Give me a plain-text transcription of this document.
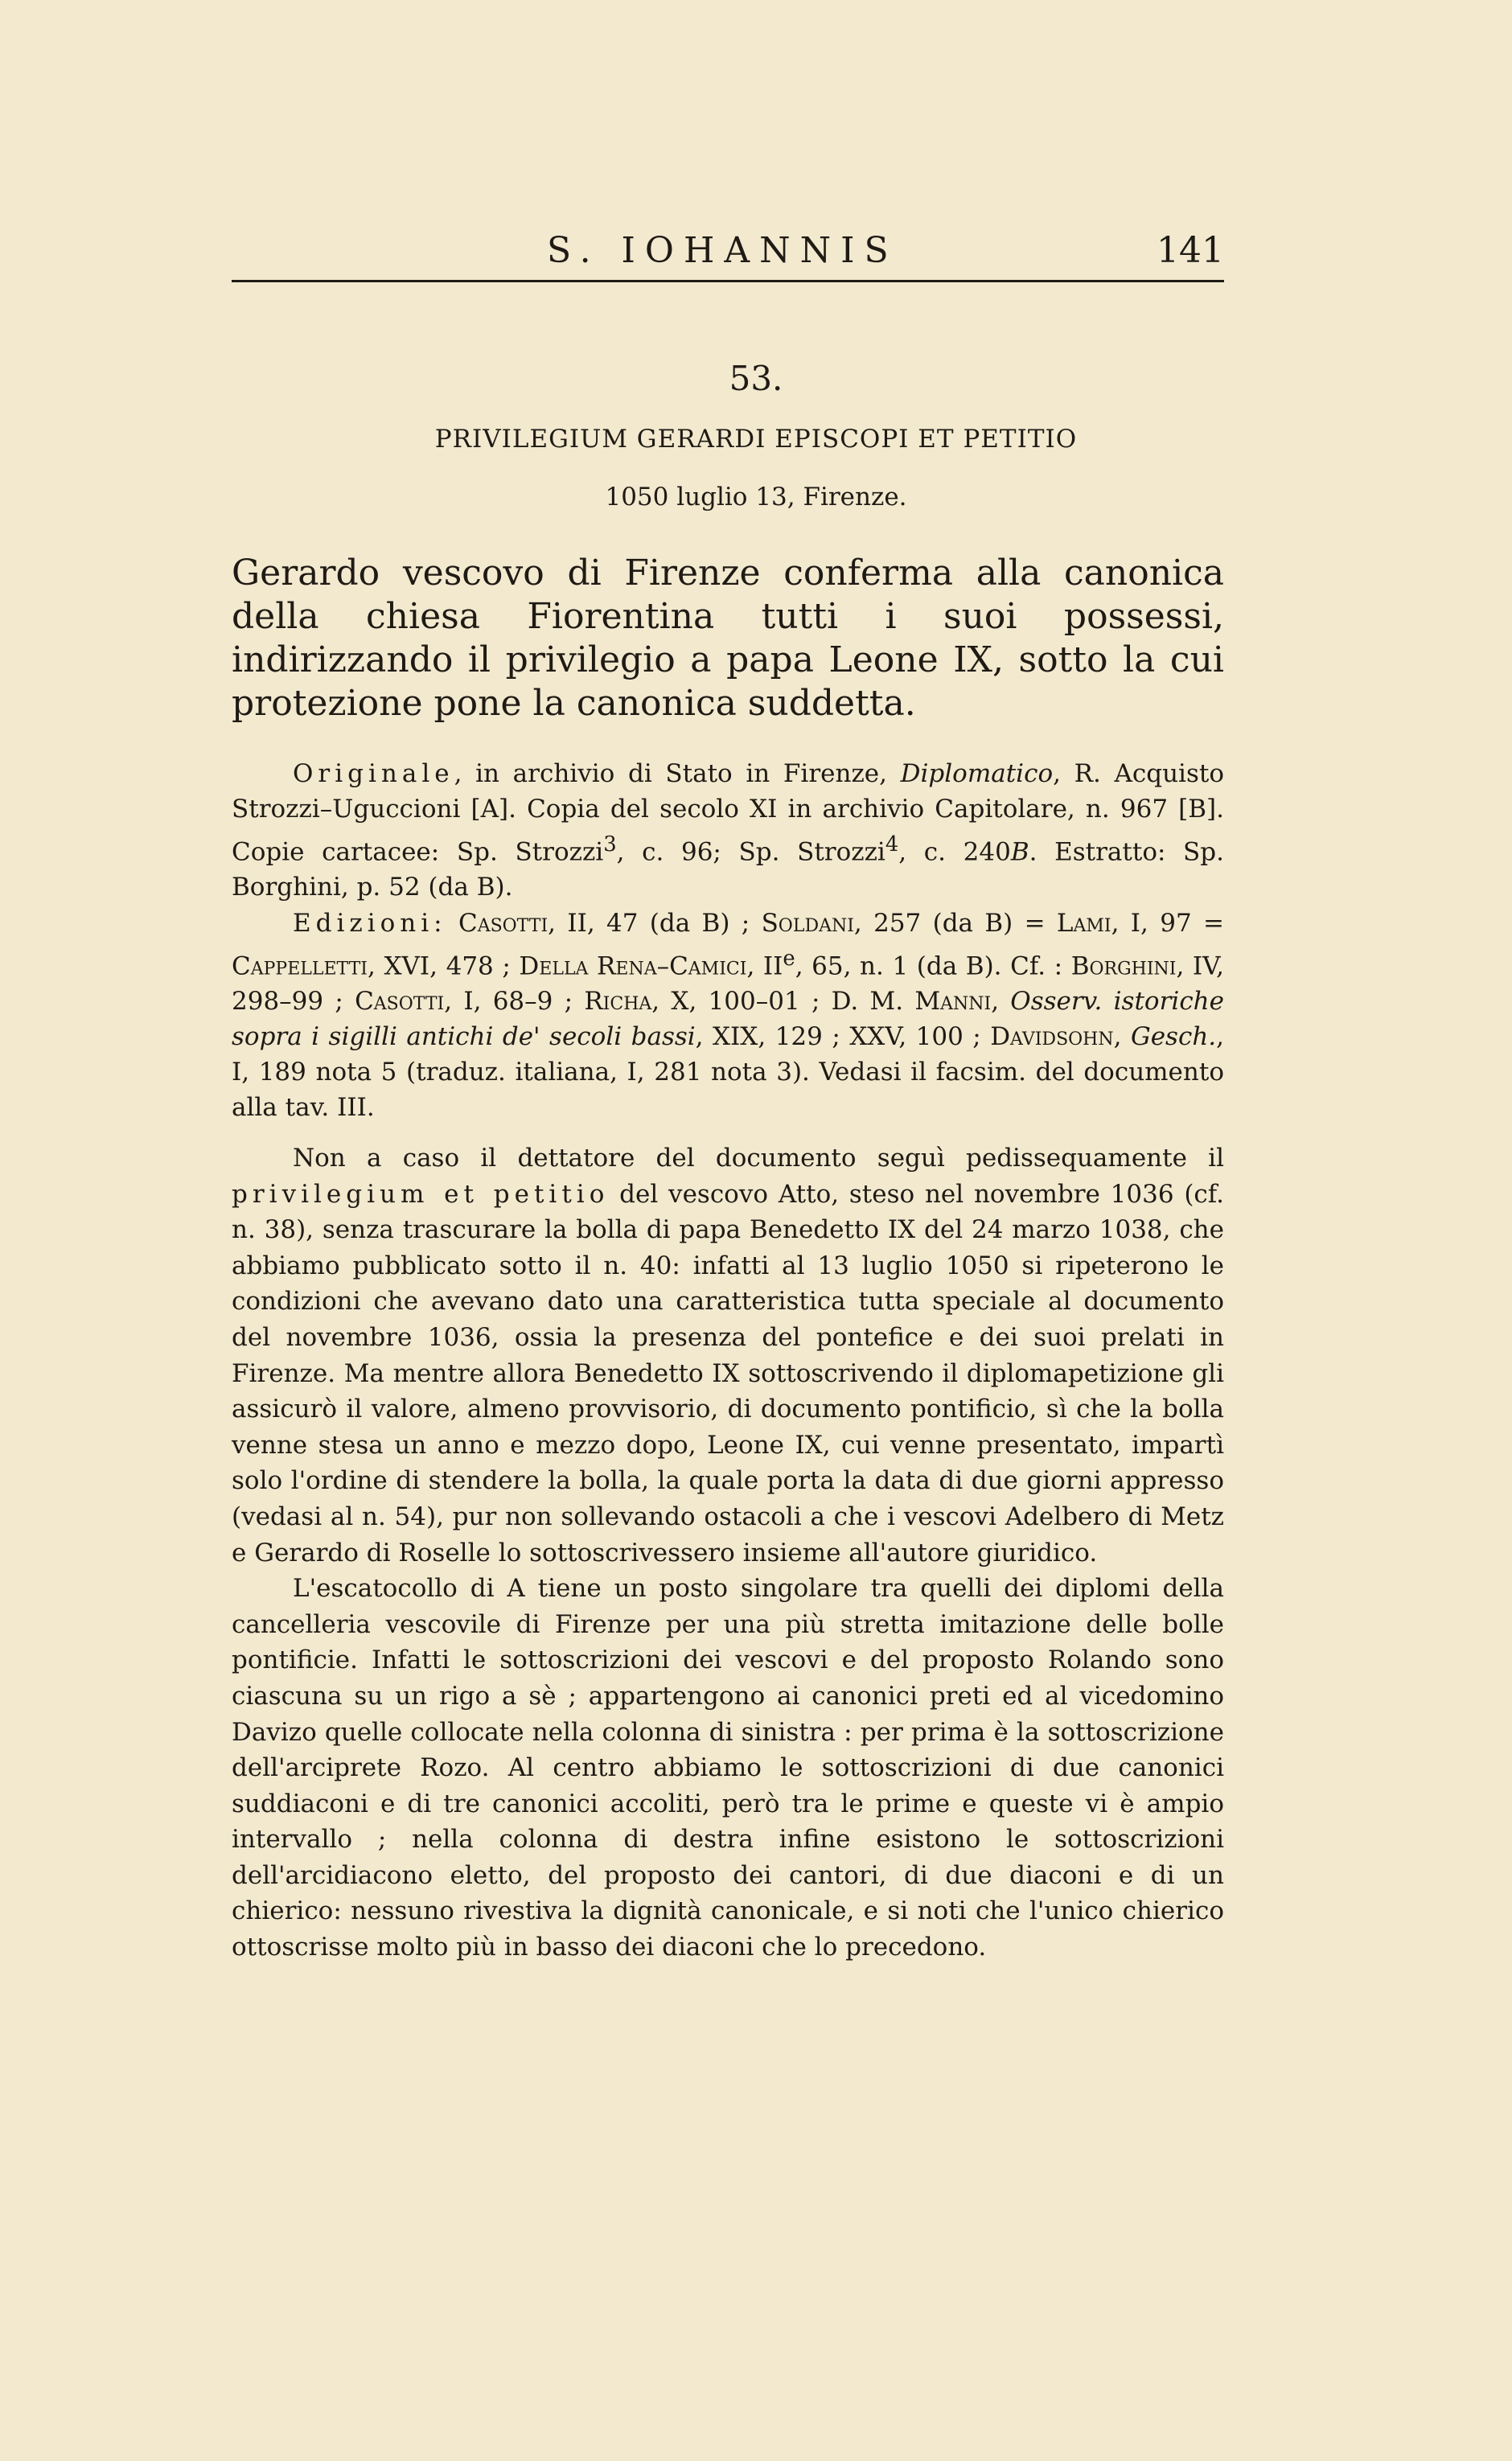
S. IOHANNIS	141
53.
PRIVILEGIUM GERARDI EPISCOPI ET PETITIO
1050 luglio 13, Firenze.

Gerardo vescovo di Firenze conferma alla canonica della chiesa Fiorentina tutti i suoi possessi, indirizzando il privilegio a papa Leone IX, sotto la cui protezione pone la canonica suddetta.

Originale, in archivio di Stato in Firenze, Diplomatico, R. Acquisto Strozzi–Uguccioni [A]. Copia del secolo XI in archivio Capitolare, n. 967 [B]. Copie cartacee: Sp. Strozzi$^3$, c. 96; Sp. Strozzi$^4$, c. 240B. Estratto: Sp. Borghini, p. 52 (da B).

Edizioni: Casotti, II, 47 (da B) ; Soldani, 257 (da B) = Lami, I, 97 = Cappelletti, XVI, 478 ; Della Rena–Camici, IIe, 65, n. 1 (da B). Cf. : Borghini, IV, 298–99 ; Casotti, I, 68–9 ; Richa, X, 100–01 ; D. M. Manni, Osserv. istoriche sopra i sigilli antichi de' secoli bassi, XIX, 129 ; XXV, 100 ; Davidsohn, Gesch., I, 189 nota 5 (traduz. italiana, I, 281 nota 3). Vedasi il facsim. del documento alla tav. III.

Non a caso il dettatore del documento seguì pedissequamente il privilegium et petitio del vescovo Atto, steso nel novembre 1036 (cf. n. 38), senza trascurare la bolla di papa Benedetto IX del 24 marzo 1038, che abbiamo pubblicato sotto il n. 40: infatti al 13 luglio 1050 si ripeterono le condizioni che avevano dato una caratteristica tutta speciale al documento del novembre 1036, ossia la presenza del pontefice e dei suoi prelati in Firenze. Ma mentre allora Benedetto IX sottoscrivendo il diplomapetizione gli assicurò il valore, almeno provvisorio, di documento pontificio, sì che la bolla venne stesa un anno e mezzo dopo, Leone IX, cui venne presentato, impartì solo l'ordine di stendere la bolla, la quale porta la data di due giorni appresso (vedasi al n. 54), pur non sollevando ostacoli a che i vescovi Adelbero di Metz e Gerardo di Roselle lo sottoscrivessero insieme all'autore giuridico.

L'escatocollo di A tiene un posto singolare tra quelli dei diplomi della cancelleria vescovile di Firenze per una più stretta imitazione delle bolle pontificie. Infatti le sottoscrizioni dei vescovi e del proposto Rolando sono ciascuna su un rigo a sè ; appartengono ai canonici preti ed al vicedomino Davizo quelle collocate nella colonna di sinistra : per prima è la sottoscrizione dell'arciprete Rozo. Al centro abbiamo le sottoscrizioni di due canonici suddiaconi e di tre canonici accoliti, però tra le prime e queste vi è ampio intervallo ; nella colonna di destra infine esistono le sottoscrizioni dell'arcidiacono eletto, del proposto dei cantori, di due diaconi e di un chierico: nessuno rivestiva la dignità canonicale, e si noti che l'unico chierico ottoscrisse molto più in basso dei diaconi che lo precedono.
